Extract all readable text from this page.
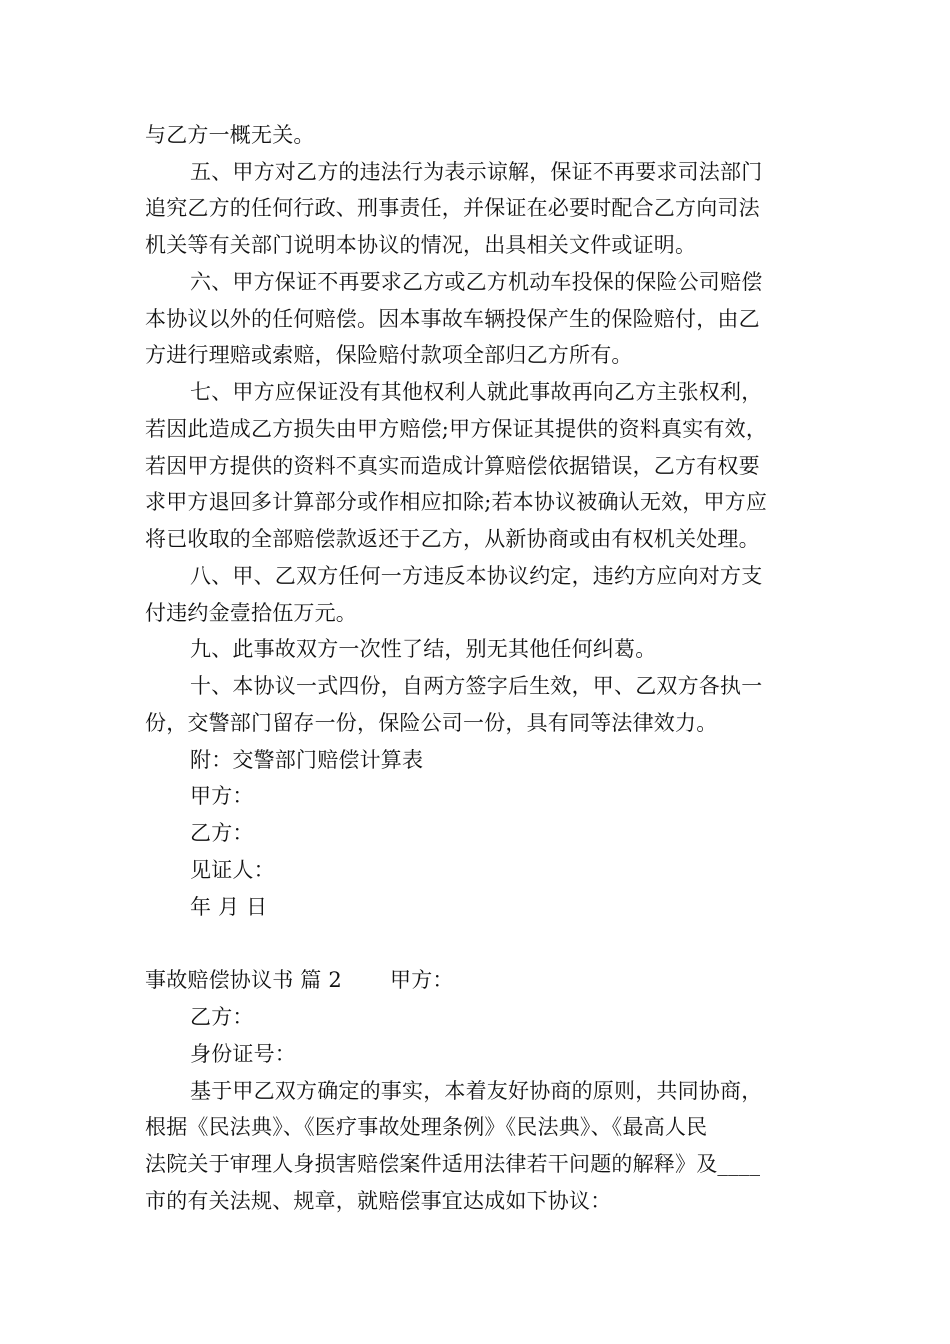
与乙方一概无关。
五、甲方对乙方的违法行为表示谅解，保证不再要求司法部门
追究乙方的任何行政、刑事责任，并保证在必要时配合乙方向司法
机关等有关部门说明本协议的情况，出具相关文件或证明。
六、甲方保证不再要求乙方或乙方机动车投保的保险公司赔偿
本协议以外的任何赔偿。因本事故车辆投保产生的保险赔付，由乙
方进行理赔或索赔，保险赔付款项全部归乙方所有。
七、甲方应保证没有其他权利人就此事故再向乙方主张权利，
若因此造成乙方损失由甲方赔偿;甲方保证其提供的资料真实有效，
若因甲方提供的资料不真实而造成计算赔偿依据错误，乙方有权要
求甲方退回多计算部分或作相应扣除;若本协议被确认无效，甲方应
将已收取的全部赔偿款返还于乙方，从新协商或由有权机关处理。
八、甲、乙双方任何一方违反本协议约定，违约方应向对方支
付违约金壹拾伍万元。
九、此事故双方一次性了结，别无其他任何纠葛。
十、本协议一式四份，自两方签字后生效，甲、乙双方各执一
份，交警部门留存一份，保险公司一份，具有同等法律效力。
附：交警部门赔偿计算表
甲方：
乙方：
见证人：
年 月 日
事故赔偿协议书 篇 2 甲方：
乙方：
身份证号：
基于甲乙双方确定的事实，本着友好协商的原则，共同协商，
根据《民法典》、《医疗事故处理条例》《民法典》、《最高人民
法院关于审理人身损害赔偿案件适用法律若干问题的解释》及____
市的有关法规、规章，就赔偿事宜达成如下协议：
